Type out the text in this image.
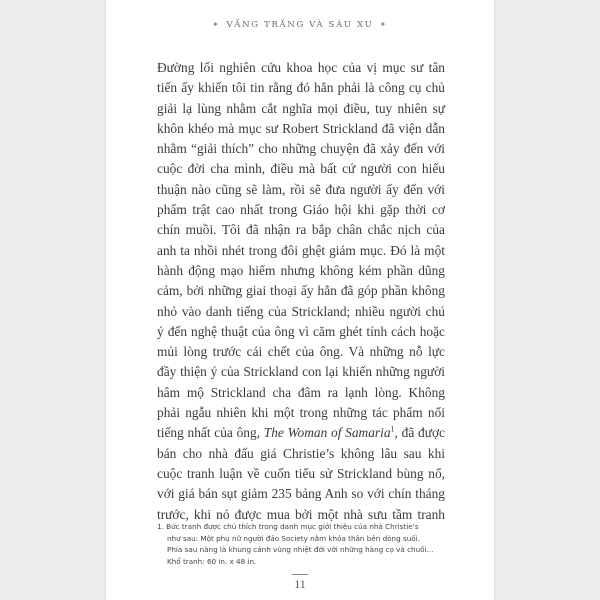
✦ VẦNG TRĂNG VÀ SÁU XU ✦
Đường lối nghiên cứu khoa học của vị mục sư tân
tiến ấy khiến tôi tin rằng đó hẳn phải là công cụ chủ
giải lạ lùng nhằm cắt nghĩa mọi điều, tuy nhiên sự
khôn khéo mà mục sư Robert Strickland đã viện dẫn
nhằm “giải thích” cho những chuyện đã xảy đến với
cuộc đời cha mình, điều mà bất cứ người con hiếu
thuận nào cũng sẽ làm, rồi sẽ đưa người ấy đến với
phẩm trật cao nhất trong Giáo hội khi gặp thời cơ
chín muồi. Tôi đã nhận ra bắp chân chắc nịch của
anh ta nhồi nhét trong đôi ghệt giám mục. Đó là một
hành động mạo hiểm nhưng không kém phần dũng
cảm, bởi những giai thoại ấy hẳn đã góp phần không
nhỏ vào danh tiếng của Strickland; nhiều người chú
ý đến nghệ thuật của ông vì căm ghét tính cách hoặc
mủi lòng trước cái chết của ông. Và những nỗ lực
đầy thiện ý của Strickland con lại khiến những người
hâm mộ Strickland cha đâm ra lạnh lòng. Không
phải ngẫu nhiên khi một trong những tác phẩm nổi
tiếng nhất của ông, The Woman of Samaria$^1$, đã được
bán cho nhà đấu giá Christie’s không lâu sau khi
cuộc tranh luận về cuốn tiểu sử Strickland bùng nổ,
với giá bán sụt giảm 235 bảng Anh so với chín tháng
trước, khi nó được mua bởi một nhà sưu tầm tranh
1. Bức tranh được chú thích trong danh mục giới thiệu của nhà Christie’s
như sau: Một phụ nữ người đảo Society nằm khỏa thân bên dòng suối.
Phía sau nàng là khung cảnh vùng nhiệt đới với những hàng cọ và chuối...
Khổ tranh: 60 in. x 48 in.
11
